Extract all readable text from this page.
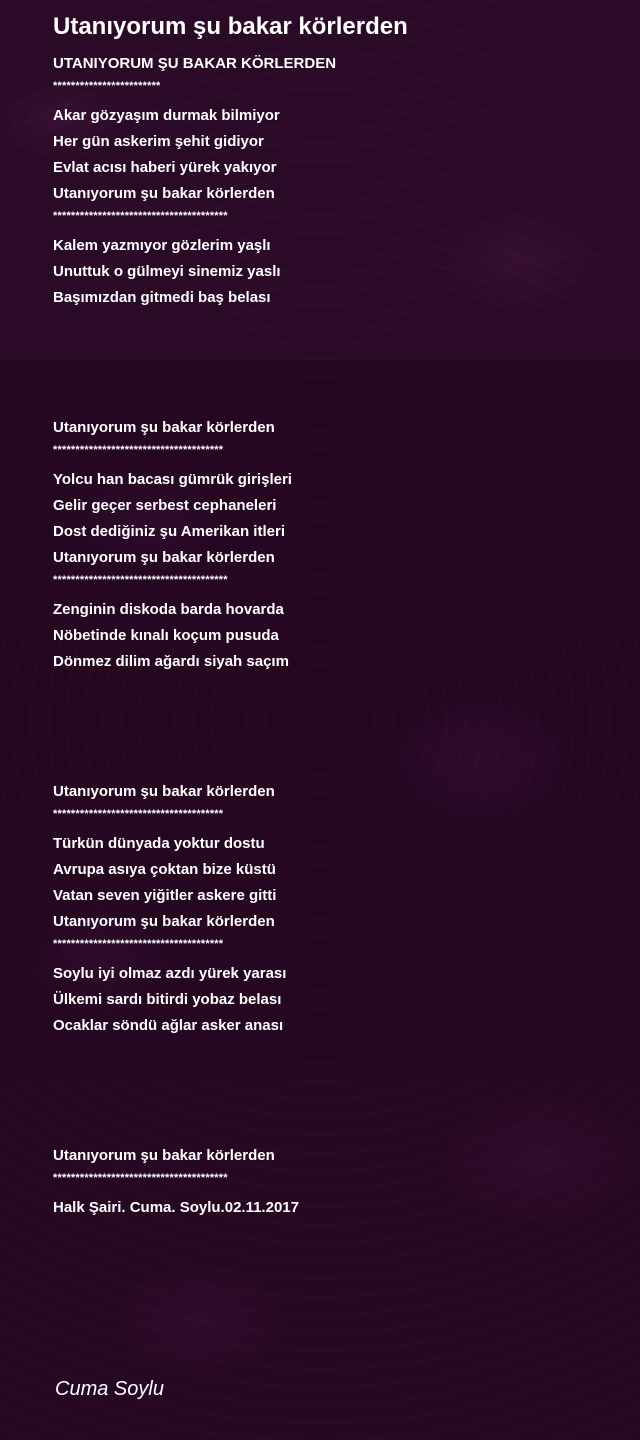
Utanıyorum şu bakar körlerden
UTANIYORUM ŞU BAKAR KÖRLERDEN
************************
Akar gözyaşım durmak bilmiyor
Her gün askerim şehit gidiyor
Evlat acısı haberi yürek yakıyor
Utanıyorum şu bakar körlerden
***************************************
Kalem yazmıyor gözlerim yaşlı
Unuttuk o gülmeyi sinemiz yaslı
Başımızdan gitmedi baş belası
Utanıyorum şu bakar körlerden
**************************************
Yolcu han bacası gümrük girişleri
Gelir geçer serbest cephaneleri
Dost dediğiniz şu Amerikan itleri
Utanıyorum şu bakar körlerden
***************************************
Zenginin diskoda barda hovarda
Nöbetinde kınalı koçum pusuda
Dönmez dilim ağardı siyah saçım
Utanıyorum şu bakar körlerden
**************************************
Türkün dünyada yoktur dostu
Avrupa asıya çoktan bize küstü
Vatan seven yiğitler askere gitti
Utanıyorum şu bakar körlerden
**************************************
Soylu iyi olmaz azdı yürek yarası
Ülkemi sardı bitirdi yobaz belası
Ocaklar söndü ağlar asker anası
Utanıyorum şu bakar körlerden
***************************************
Halk Şairi. Cuma. Soylu.02.11.2017
Cuma Soylu
